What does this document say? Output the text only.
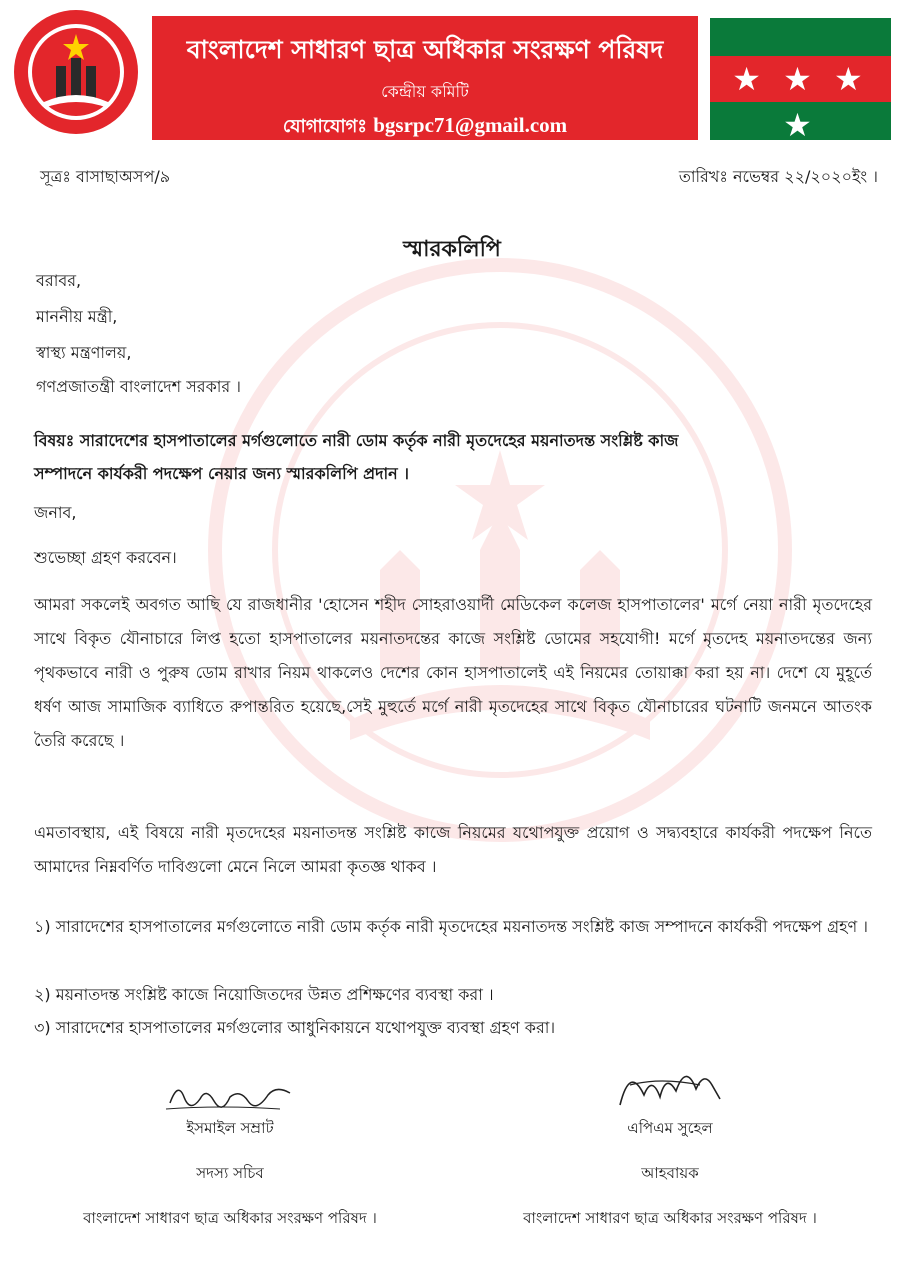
বাংলাদেশ সাধারণ ছাত্র অধিকার সংরক্ষণ পরিষদ
কেন্দ্রীয় কমিটি
যোগাযোগঃ bgsrpc71@gmail.com
★ ★ ★ ★
সূত্রঃ বাসাছাঅসপ/৯	তারিখঃ নভেম্বর ২২/২০২০ইং ।
স্মারকলিপি
বরাবর,
মাননীয় মন্ত্রী,
স্বাস্থ্য মন্ত্রণালয়,
গণপ্রজাতন্ত্রী বাংলাদেশ সরকার ।
বিষয়ঃ সারাদেশের হাসপাতালের মর্গগুলোতে নারী ডোম কর্তৃক নারী মৃতদেহের ময়নাতদন্ত সংশ্লিষ্ট কাজ
সম্পাদনে কার্যকরী পদক্ষেপ নেয়ার জন্য স্মারকলিপি প্রদান ।
জনাব,
শুভেচ্ছা গ্রহণ করবেন।
আমরা সকলেই অবগত আছি যে রাজধানীর 'হোসেন শহীদ সোহরাওয়ার্দী মেডিকেল কলেজ হাসপাতালের' মর্গে নেয়া নারী মৃতদেহের সাথে বিকৃত যৌনাচারে লিপ্ত হতো হাসপাতালের ময়নাতদন্তের কাজে সংশ্লিষ্ট ডোমের সহযোগী! মর্গে মৃতদেহ ময়নাতদন্তের জন্য পৃথকভাবে নারী ও পুরুষ ডোম রাখার নিয়ম থাকলেও দেশের কোন হাসপাতালেই এই নিয়মের তোয়াক্কা করা হয় না। দেশে যে মুহূর্তে ধর্ষণ আজ সামাজিক ব্যাধিতে রুপান্তরিত হয়েছে,সেই মুহুর্তে মর্গে নারী মৃতদেহের সাথে বিকৃত যৌনাচারের ঘটনাটি জনমনে আতংক তৈরি করেছে ।
এমতাবস্থায়, এই বিষয়ে নারী মৃতদেহের ময়নাতদন্ত সংশ্লিষ্ট কাজে নিয়মের যথোপযুক্ত প্রয়োগ ও সদ্ব্যবহারে কার্যকরী পদক্ষেপ নিতে আমাদের নিম্নবর্ণিত দাবিগুলো মেনে নিলে আমরা কৃতজ্ঞ থাকব ।
১) সারাদেশের হাসপাতালের মর্গগুলোতে নারী ডোম কর্তৃক নারী মৃতদেহের ময়নাতদন্ত সংশ্লিষ্ট কাজ সম্পাদনে কার্যকরী পদক্ষেপ গ্রহণ ।
২) ময়নাতদন্ত সংশ্লিষ্ট কাজে নিয়োজিতদের উন্নত প্রশিক্ষণের ব্যবস্থা করা ।
৩) সারাদেশের হাসপাতালের মর্গগুলোর আধুনিকায়নে যথোপযুক্ত ব্যবস্থা গ্রহণ করা।
ইসমাইল সম্রাট
সদস্য সচিব
বাংলাদেশ সাধারণ ছাত্র অধিকার সংরক্ষণ পরিষদ ।
এপিএম সুহেল
আহবায়ক
বাংলাদেশ সাধারণ ছাত্র অধিকার সংরক্ষণ পরিষদ ।
